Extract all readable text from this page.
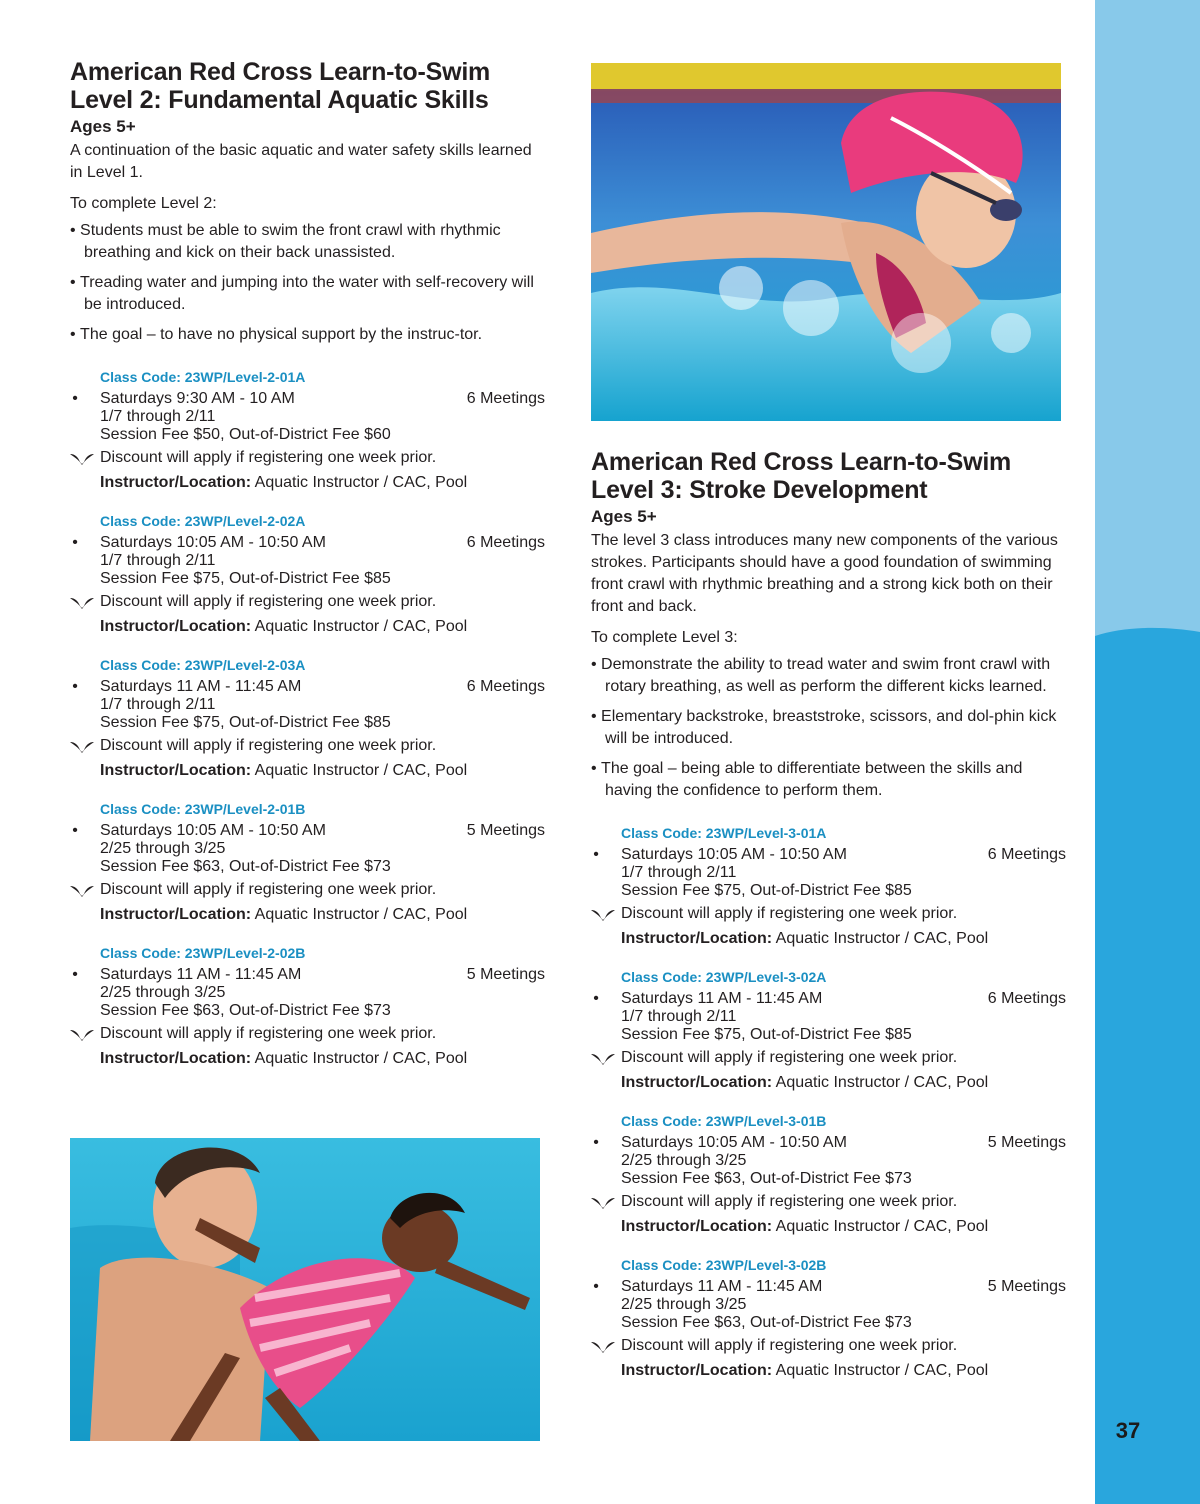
37
American Red Cross Learn-to-Swim
Level 2: Fundamental Aquatic Skills
Ages 5+

A continuation of the basic aquatic and water safety skills learned in Level 1.

To complete Level 2:

• Students must be able to swim the front crawl with rhythmic breathing and kick on their back unassisted.
• Treading water and jumping into the water with self-recovery will be introduced.
• The goal – to have no physical support by the instruc-tor.
Class Code: 23WP/Level-2-01A
• Saturdays 9:30 AM - 10 AM	6 Meetings
1/7 through 2/11
Session Fee $50, Out-of-District Fee $60
Discount will apply if registering one week prior.
Instructor/Location: Aquatic Instructor / CAC, Pool
Class Code: 23WP/Level-2-02A
• Saturdays 10:05 AM - 10:50 AM	6 Meetings
1/7 through 2/11
Session Fee $75, Out-of-District Fee $85
Discount will apply if registering one week prior.
Instructor/Location: Aquatic Instructor / CAC, Pool
Class Code: 23WP/Level-2-03A
• Saturdays 11 AM - 11:45 AM	6 Meetings
1/7 through 2/11
Session Fee $75, Out-of-District Fee $85
Discount will apply if registering one week prior.
Instructor/Location: Aquatic Instructor / CAC, Pool
Class Code: 23WP/Level-2-01B
• Saturdays 10:05 AM - 10:50 AM	5 Meetings
2/25 through 3/25
Session Fee $63, Out-of-District Fee $73
Discount will apply if registering one week prior.
Instructor/Location: Aquatic Instructor / CAC, Pool
Class Code: 23WP/Level-2-02B
• Saturdays 11 AM - 11:45 AM	5 Meetings
2/25 through 3/25
Session Fee $63, Out-of-District Fee $73
Discount will apply if registering one week prior.
Instructor/Location: Aquatic Instructor / CAC, Pool
American Red Cross Learn-to-Swim
Level 3: Stroke Development
Ages 5+

The level 3 class introduces many new components of the various strokes. Participants should have a good foundation of swimming front crawl with rhythmic breathing and a strong kick both on their front and back.

To complete Level 3:

• Demonstrate the ability to tread water and swim front crawl with rotary breathing, as well as perform the different kicks learned.
• Elementary backstroke, breaststroke, scissors, and dol-phin kick will be introduced.
• The goal – being able to differentiate between the skills and having the confidence to perform them.
Class Code: 23WP/Level-3-01A
• Saturdays 10:05 AM - 10:50 AM	6 Meetings
1/7 through 2/11
Session Fee $75, Out-of-District Fee $85
Discount will apply if registering one week prior.
Instructor/Location: Aquatic Instructor / CAC, Pool
Class Code: 23WP/Level-3-02A
• Saturdays 11 AM - 11:45 AM	6 Meetings
1/7 through 2/11
Session Fee $75, Out-of-District Fee $85
Discount will apply if registering one week prior.
Instructor/Location: Aquatic Instructor / CAC, Pool
Class Code: 23WP/Level-3-01B
• Saturdays 10:05 AM - 10:50 AM	5 Meetings
2/25 through 3/25
Session Fee $63, Out-of-District Fee $73
Discount will apply if registering one week prior.
Instructor/Location: Aquatic Instructor / CAC, Pool
Class Code: 23WP/Level-3-02B
• Saturdays 11 AM - 11:45 AM	5 Meetings
2/25 through 3/25
Session Fee $63, Out-of-District Fee $73
Discount will apply if registering one week prior.
Instructor/Location: Aquatic Instructor / CAC, Pool
